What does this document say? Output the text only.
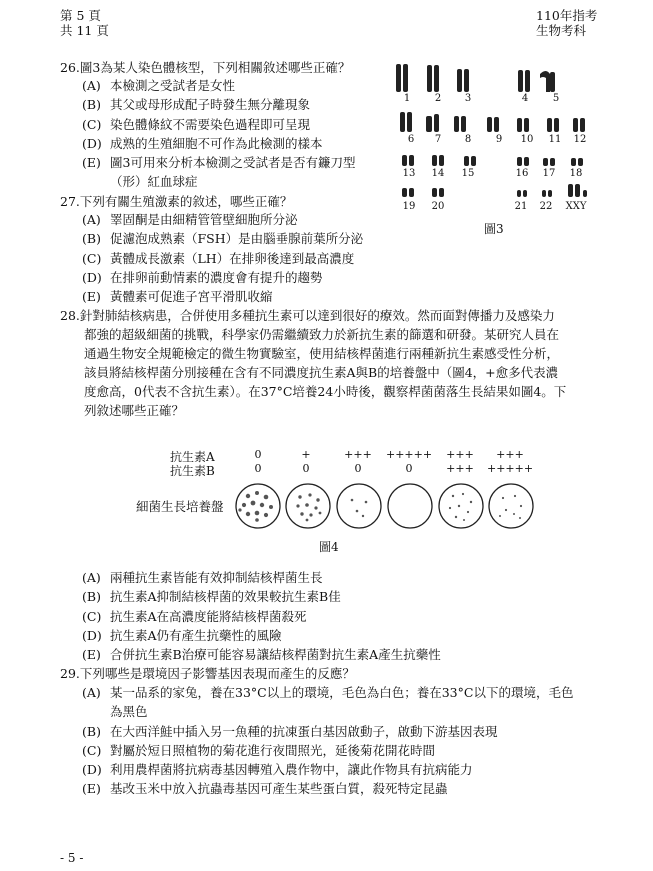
第 5 頁
共 11 頁
110年指考
生物考科
26.圖3為某人染色體核型，下列相關敘述哪些正確？
(A) 本檢測之受試者是女性
(B) 其父或母形成配子時發生無分離現象
(C) 染色體條紋不需要染色過程即可呈現
(D) 成熟的生殖細胞不可作為此檢測的樣本
(E) 圖3可用來分析本檢測之受試者是否有鐮刀型
（形）紅血球症
1	2	3	4	5
6	7	8	9	10	11	12
13	14	15	16	17	18
19	20	21	22	XXY
圖3
27.下列有關生殖激素的敘述，哪些正確？
(A) 睪固酮是由細精管管壁細胞所分泌
(B) 促濾泡成熟素（FSH）是由腦垂腺前葉所分泌
(C) 黃體成長激素（LH）在排卵後達到最高濃度
(D) 在排卵前動情素的濃度會有提升的趨勢
(E) 黃體素可促進子宮平滑肌收縮
28.針對肺結核病患，合併使用多種抗生素可以達到很好的療效。然而面對傳播力及感染力
都強的超級細菌的挑戰，科學家仍需繼續致力於新抗生素的篩選和研發。某研究人員在
通過生物安全規範檢定的微生物實驗室，使用結核桿菌進行兩種新抗生素感受性分析，
該員將結核桿菌分別接種在含有不同濃度抗生素A與B的培養盤中（圖4，+愈多代表濃
度愈高，0代表不含抗生素）。在37°C培養24小時後，觀察桿菌菌落生長結果如圖4。下
列敘述哪些正確？
抗生素A
抗生素B
0	+	+++	+++++	+++	+++
0	0	0	0	+++	+++++
細菌生長培養盤
圖4
(A) 兩種抗生素皆能有效抑制結核桿菌生長
(B) 抗生素A抑制結核桿菌的效果較抗生素B佳
(C) 抗生素A在高濃度能將結核桿菌殺死
(D) 抗生素A仍有產生抗藥性的風險
(E) 合併抗生素B治療可能容易讓結核桿菌對抗生素A產生抗藥性
29.下列哪些是環境因子影響基因表現而產生的反應？
(A) 某一品系的家兔，養在33°C以上的環境，毛色為白色；養在33°C以下的環境，毛色
為黑色
(B) 在大西洋鮭中插入另一魚種的抗凍蛋白基因啟動子，啟動下游基因表現
(C) 對屬於短日照植物的菊花進行夜間照光，延後菊花開花時間
(D) 利用農桿菌將抗病毒基因轉殖入農作物中，讓此作物具有抗病能力
(E) 基改玉米中放入抗蟲毒基因可產生某些蛋白質，殺死特定昆蟲
- 5 -
